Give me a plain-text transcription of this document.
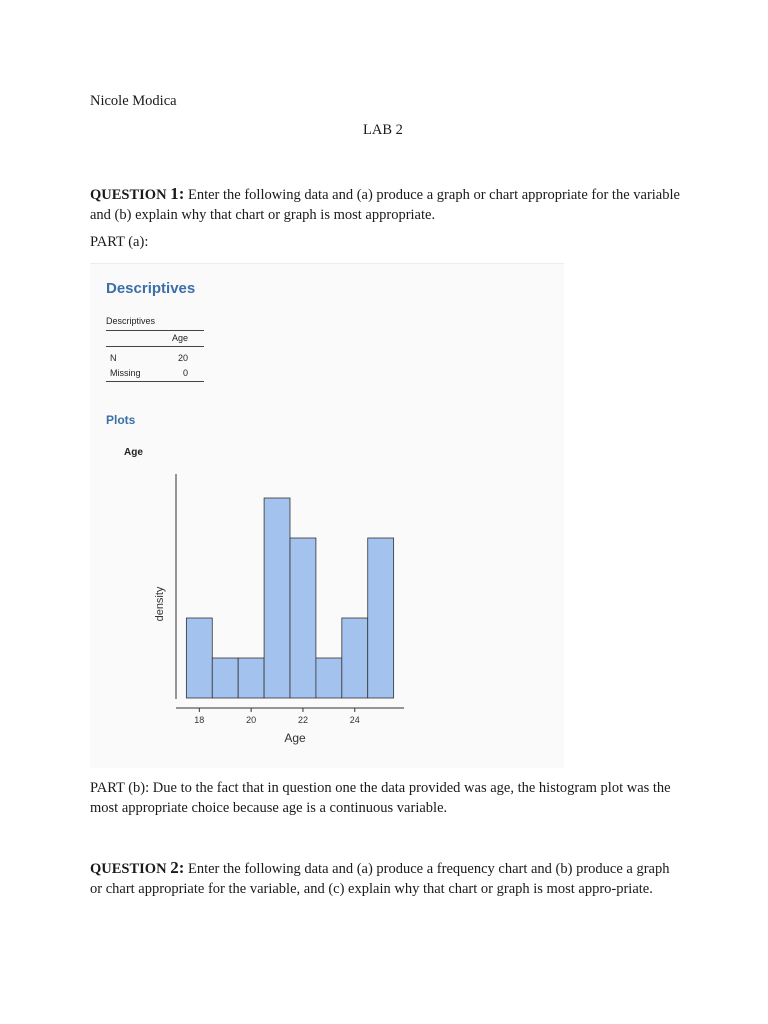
Nicole Modica
LAB 2
QUESTION 1: Enter the following data and (a) produce a graph or chart appropriate for the variable and (b) explain why that chart or graph is most appropriate.
PART (a):
Descriptives
Descriptives
Age
N	20
Missing	0
Plots
Age
18	20	22	24
Age
density
PART (b): Due to the fact that in question one the data provided was age, the histogram plot was the most appropriate choice because age is a continuous variable.
QUESTION 2: Enter the following data and (a) produce a frequency chart and (b) produce a graph or chart appropriate for the variable, and (c) explain why that chart or graph is most appro-priate.
